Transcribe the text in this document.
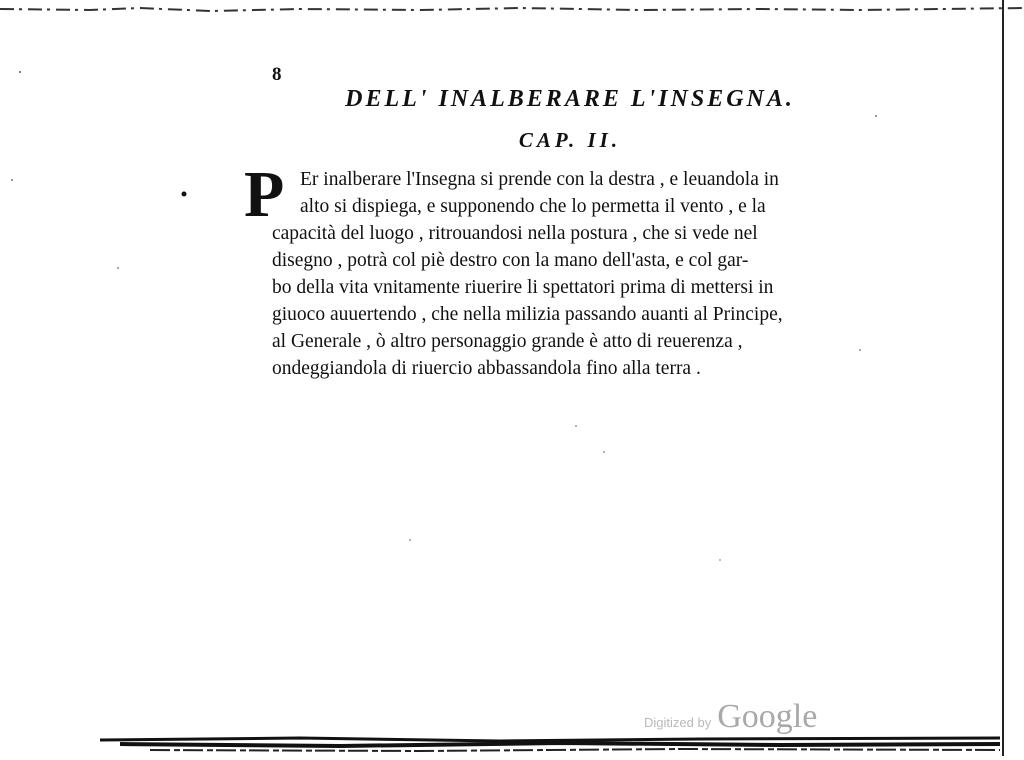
8
DELL' INALBERARE L'INSEGNA.
CAP. II.
P Er inalberare l'Insegna si prende con la destra , e leuandola in
alto si dispiega, e supponendo che lo permetta il vento , e la
capacità del luogo , ritrouandosi nella postura , che si vede nel
disegno , potrà col piè destro con la mano dell'asta, e col gar-
bo della vita vnitamente riuerire li spettatori prima di mettersi in
giuoco auuertendo , che nella milizia passando auanti al Principe,
al Generale , ò altro personaggio grande è atto di reuerenza ,
ondeggiandola di riuercio abbassandola fino alla terra .
Digitized by Google
